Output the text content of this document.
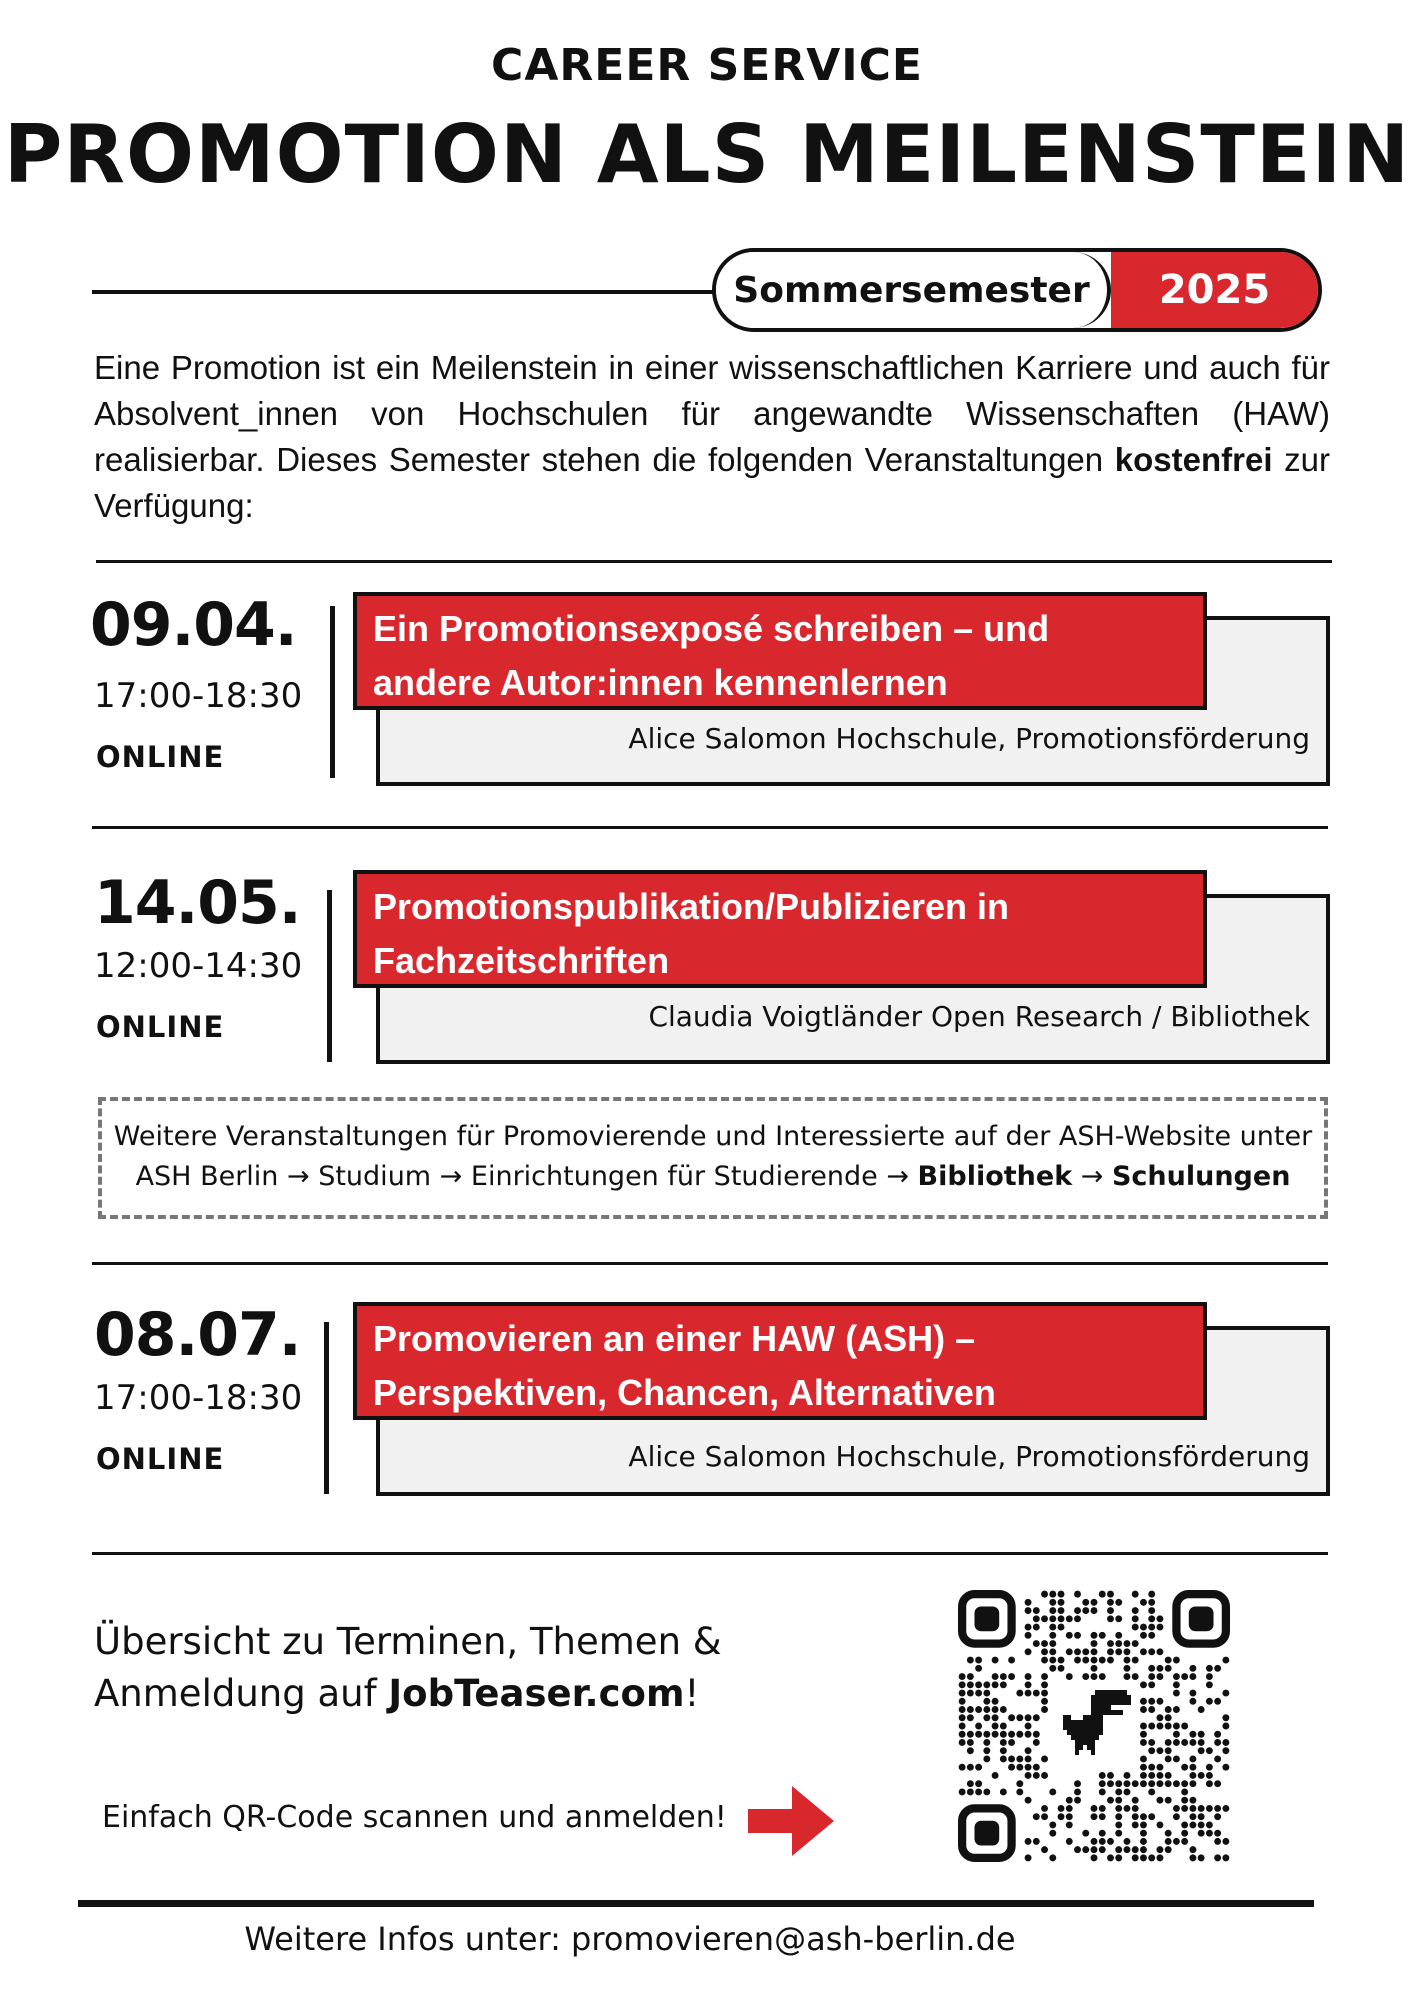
CAREER SERVICE
PROMOTION ALS MEILENSTEIN
Sommersemester	2025
Eine Promotion ist ein Meilenstein in einer wissenschaftlichen Karriere und auch für Absolvent_innen von Hochschulen für angewandte Wissenschaften (HAW) realisierbar. Dieses Semester stehen die folgenden Veranstaltungen kostenfrei zur Verfügung:
09.04.
17:00-18:30
ONLINE
Ein Promotionsexposé schreiben – und
andere Autor:innen kennenlernen
Alice Salomon Hochschule, Promotionsförderung
14.05.
12:00-14:30
ONLINE
Promotionspublikation/Publizieren in
Fachzeitschriften
Claudia Voigtländer Open Research / Bibliothek
Weitere Veranstaltungen für Promovierende und Interessierte auf der ASH-Website unter
ASH Berlin → Studium → Einrichtungen für Studierende → Bibliothek → Schulungen
08.07.
17:00-18:30
ONLINE
Promovieren an einer HAW (ASH) –
Perspektiven, Chancen, Alternativen
Alice Salomon Hochschule, Promotionsförderung
Übersicht zu Terminen, Themen &
Anmeldung auf JobTeaser.com!
Einfach QR-Code scannen und anmelden!
Weitere Infos unter: promovieren@ash-berlin.de
